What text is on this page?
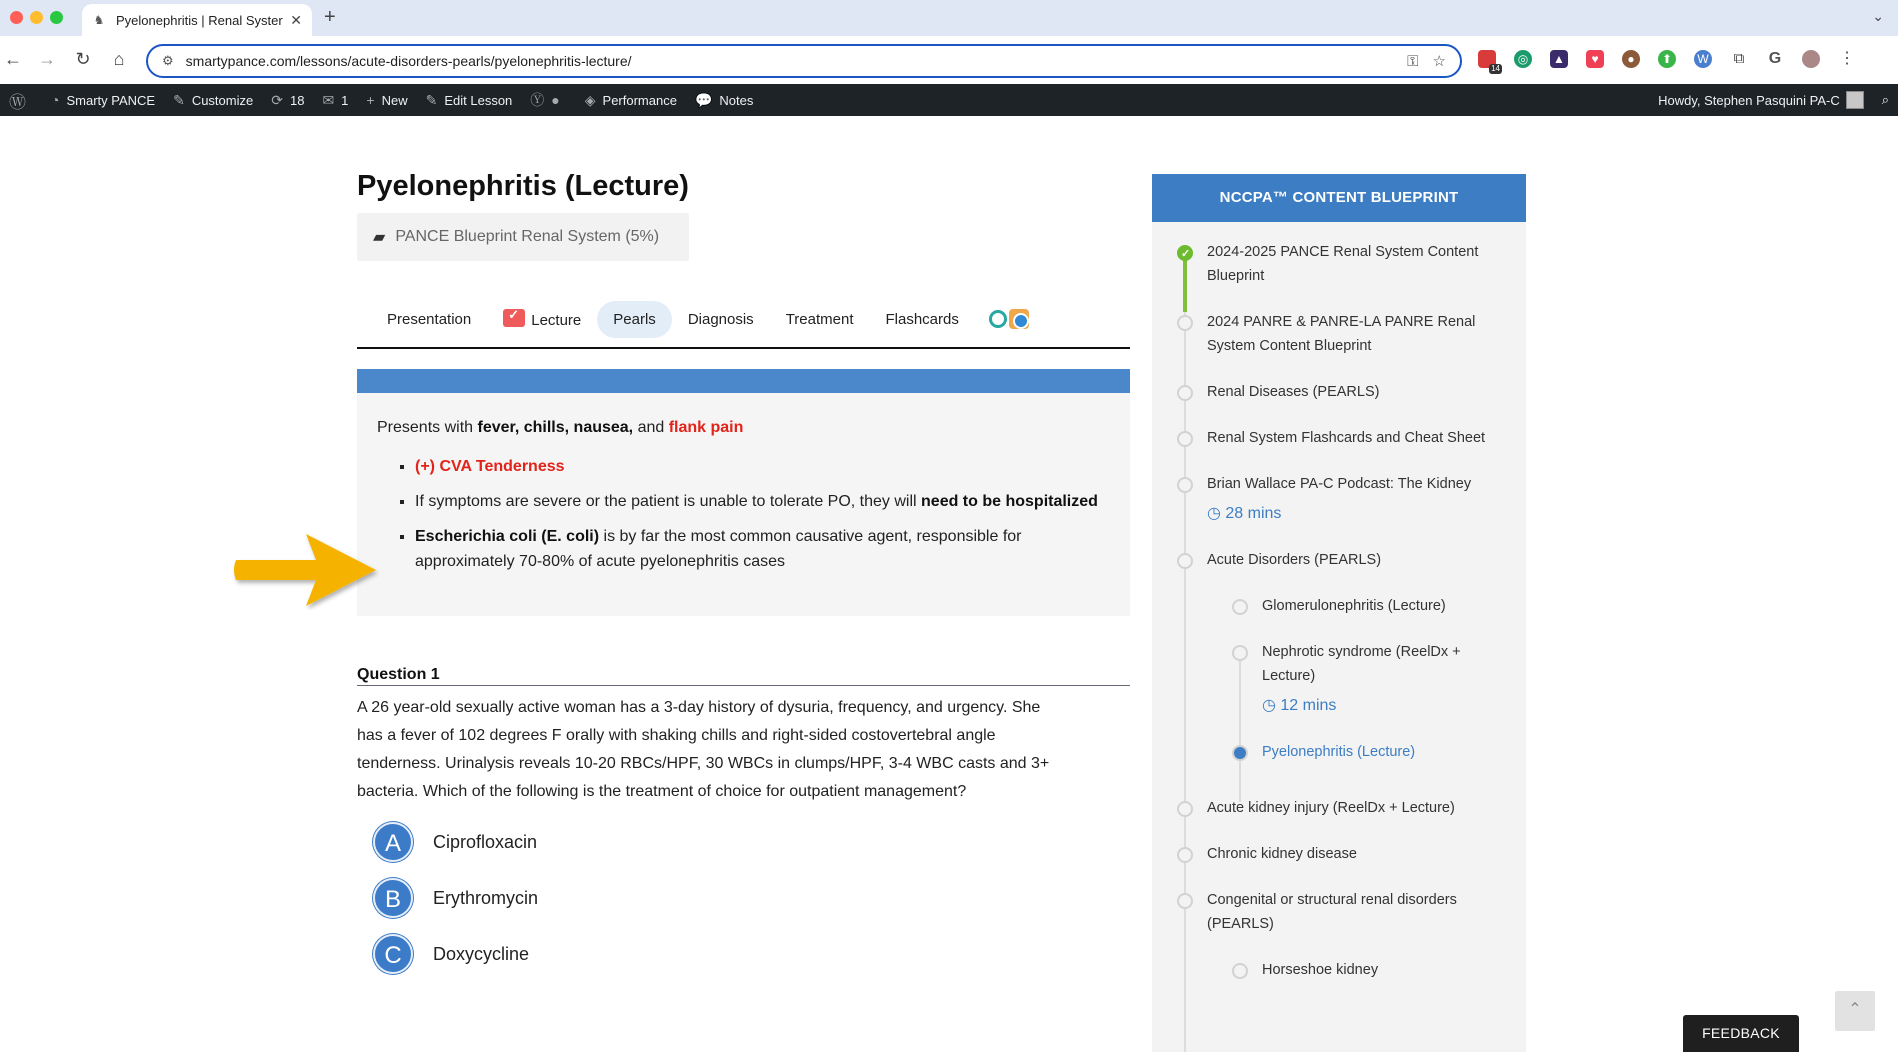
♞ Pyelonephritis | Renal Syster ✕ +	⌄
← → ↻	⌂	⚙ smartypance.com/lessons/acute-disorders-pearls/pyelonephritis-lecture/	⚿ ☆	14
◎	▲	♥	●	⬆	W ⧉ G	⋮
Ⓦ ◔ Smarty PANCE ✎ Customize ⟳ 18 ✉ 1 + New ✎ Edit Lesson Ⓨ ● ◈ Performance 💬 Notes	Howdy, Stephen Pasquini PA-C	⌕
Pyelonephritis (Lecture)
▰ PANCE Blueprint Renal System (5%)
Presentation
✓	Lecture	Pearls	Diagnosis	Treatment	Flashcards

Presents with fever, chills, nausea, and flank pain

▪ (+) CVA Tenderness
▪ If symptoms are severe or the patient is unable to tolerate PO, they will need to be hospitalized
▪ Escherichia coli (E. coli) is by far the most common causative agent, responsible for approximately 70-80% of acute pyelonephritis cases
Question 1

A 26 year-old sexually active woman has a 3-day history of dysuria, frequency, and urgency. She has a fever of 102 degrees F orally with shaking chills and right-sided costovertebral angle tenderness. Urinalysis reveals 10-20 RBCs/HPF, 30 WBCs in clumps/HPF, 3-4 WBC casts and 3+ bacteria. Which of the following is the treatment of choice for outpatient management?

A	Ciprofloxacin
B	Erythromycin
C	Doxycycline
NCCPA™ CONTENT BLUEPRINT
✓
2024-2025 PANCE Renal System Content Blueprint
2024 PANRE & PANRE-LA PANRE Renal System Content Blueprint
Renal Diseases (PEARLS)
Renal System Flashcards and Cheat Sheet
Brian Wallace PA-C Podcast: The Kidney
◷ 28 mins
Acute Disorders (PEARLS)
Glomerulonephritis (Lecture)
Nephrotic syndrome (ReelDx + Lecture)
◷ 12 mins
Pyelonephritis (Lecture)
Acute kidney injury (ReelDx + Lecture)
Chronic kidney disease
Congenital or structural renal disorders (PEARLS)
Horseshoe kidney
FEEDBACK
⌃
